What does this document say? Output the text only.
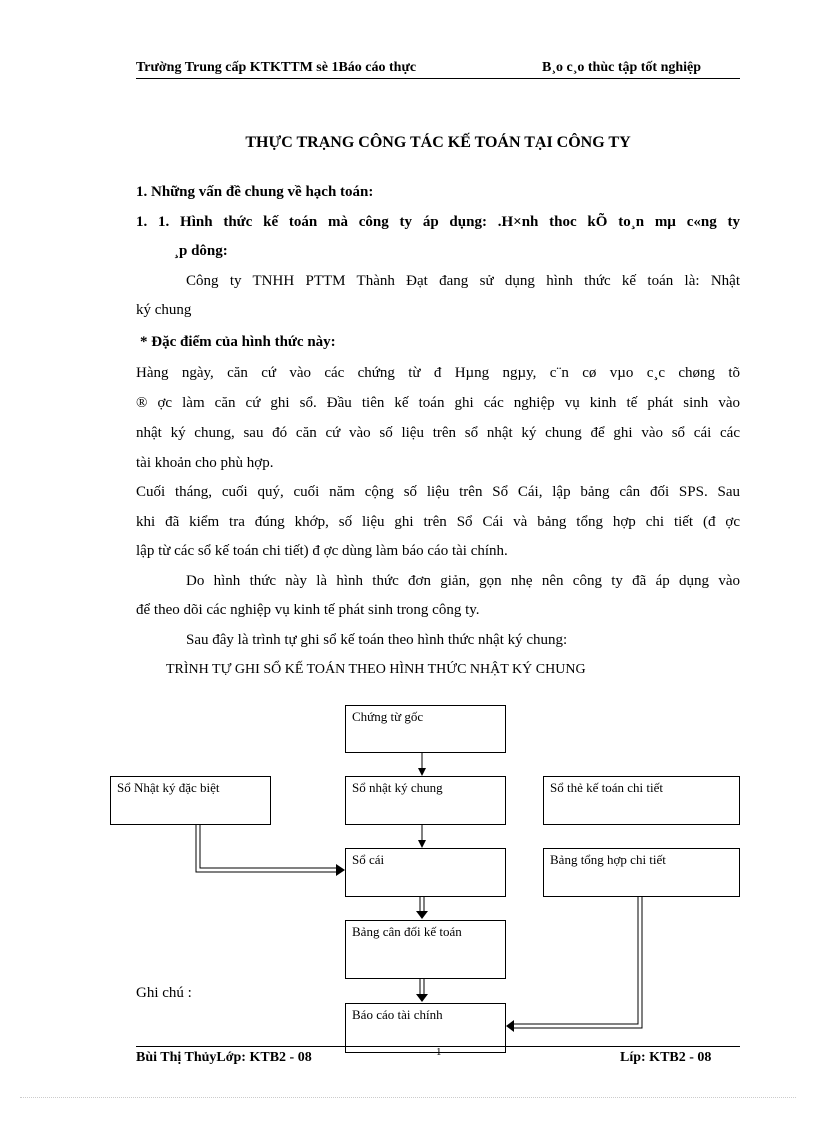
Trường Trung cấp KTKTTM sè 1Báo cáo thực	B¸o c¸o thùc tập tốt nghiệp
THỰC TRẠNG CÔNG TÁC KẾ TOÁN TẠI CÔNG TY
1. Những vấn đề chung về hạch toán:
1. 1. Hình thức kế toán mà công ty áp dụng: .H×nh thoc kÕ to¸n mµ c«ng ty
¸p dông:
Công ty TNHH PTTM Thành Đạt đang sử dụng hình thức kế toán là: Nhật
ký chung
* Đặc điểm của hình thức này:
Hàng ngày, căn cứ vào các chứng từ đ Hµng ngµy, c¨n cø vµo c¸c chøng tõ
® ợc làm căn cứ ghi sổ. Đầu tiên kế toán ghi các nghiệp vụ kinh tế phát sinh vào
nhật ký chung, sau đó căn cứ vào số liệu trên sổ nhật ký chung để ghi vào sổ cái các
tài khoản cho phù hợp.
Cuối tháng, cuối quý, cuối năm cộng số liệu trên Sổ Cái, lập bảng cân đối SPS. Sau
khi đã kiểm tra đúng khớp, số liệu ghi trên Sổ Cái và bảng tổng hợp chi tiết (đ ợc
lập từ các sổ kế toán chi tiết) đ ợc dùng làm báo cáo tài chính.
Do hình thức này là hình thức đơn giản, gọn nhẹ nên công ty đã áp dụng vào
để theo dõi các nghiệp vụ kinh tế phát sinh trong công ty.
Sau đây là trình tự ghi sổ kế toán theo hình thức nhật ký chung:
TRÌNH TỰ GHI SỔ KẾ TOÁN THEO HÌNH THỨC NHẬT KÝ CHUNG
Chứng từ gốc
Sổ Nhật ký đặc biệt	Sổ nhật ký chung	Sổ thẻ kế toán chi tiết
Sổ cái	Bảng tổng hợp chi tiết
Bảng cân đối kế toán
Báo cáo tài chính
Ghi chú :
Bùi Thị ThủyLớp: KTB2 - 08	1	Líp: KTB2 - 08
